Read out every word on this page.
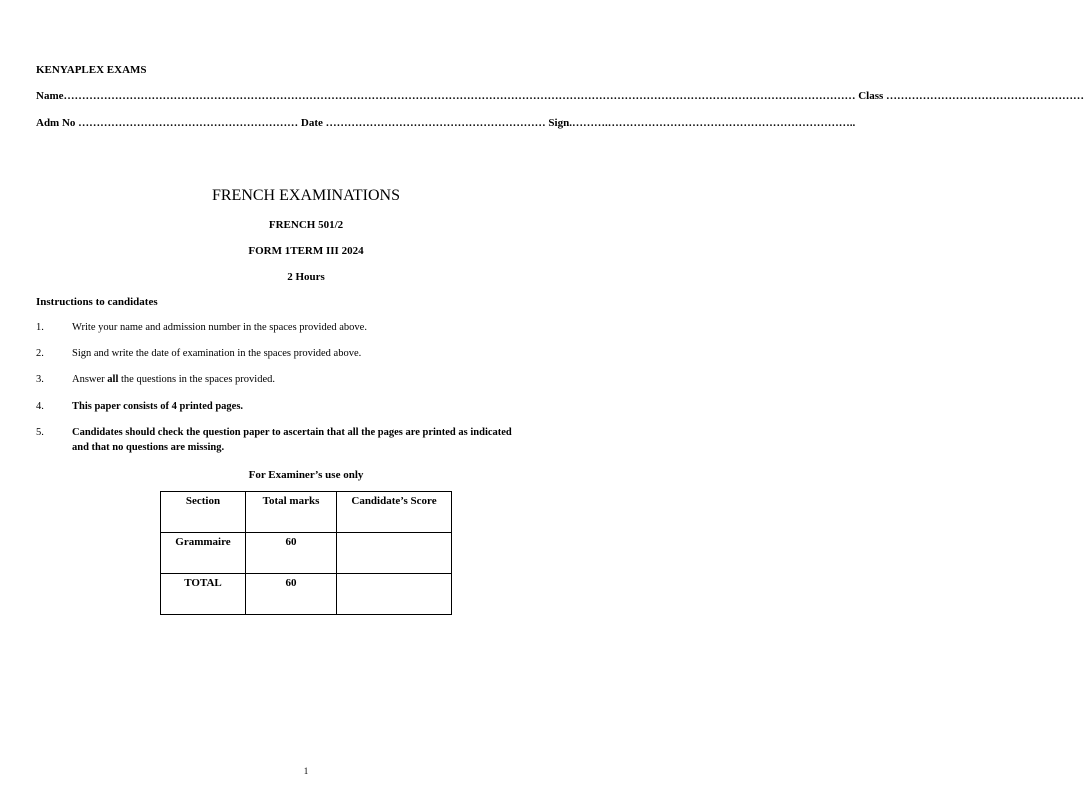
KENYAPLEX EXAMS
Name……………………………………………………………………………………………………………………………………………………………………………………………… Class ………………………………………………
Adm No …………………………………………………… Date …………………………………………………… Sign.……….…………………………………………………………..
FRENCH EXAMINATIONS
FRENCH 501/2
FORM 1TERM III 2024
2 Hours
Instructions to candidates
1.	Write your name and admission number in the spaces provided above.
2.	Sign and write the date of examination in the spaces provided above.
3.	Answer all the questions in the spaces provided.
4.	This paper consists of 4 printed pages.
5.	Candidates should check the question paper to ascertain that all the pages are printed as indicated
and that no questions are missing.
For Examiner’s use only
Section	Total marks	Candidate’s Score
Grammaire	60	
TOTAL	60	
1
